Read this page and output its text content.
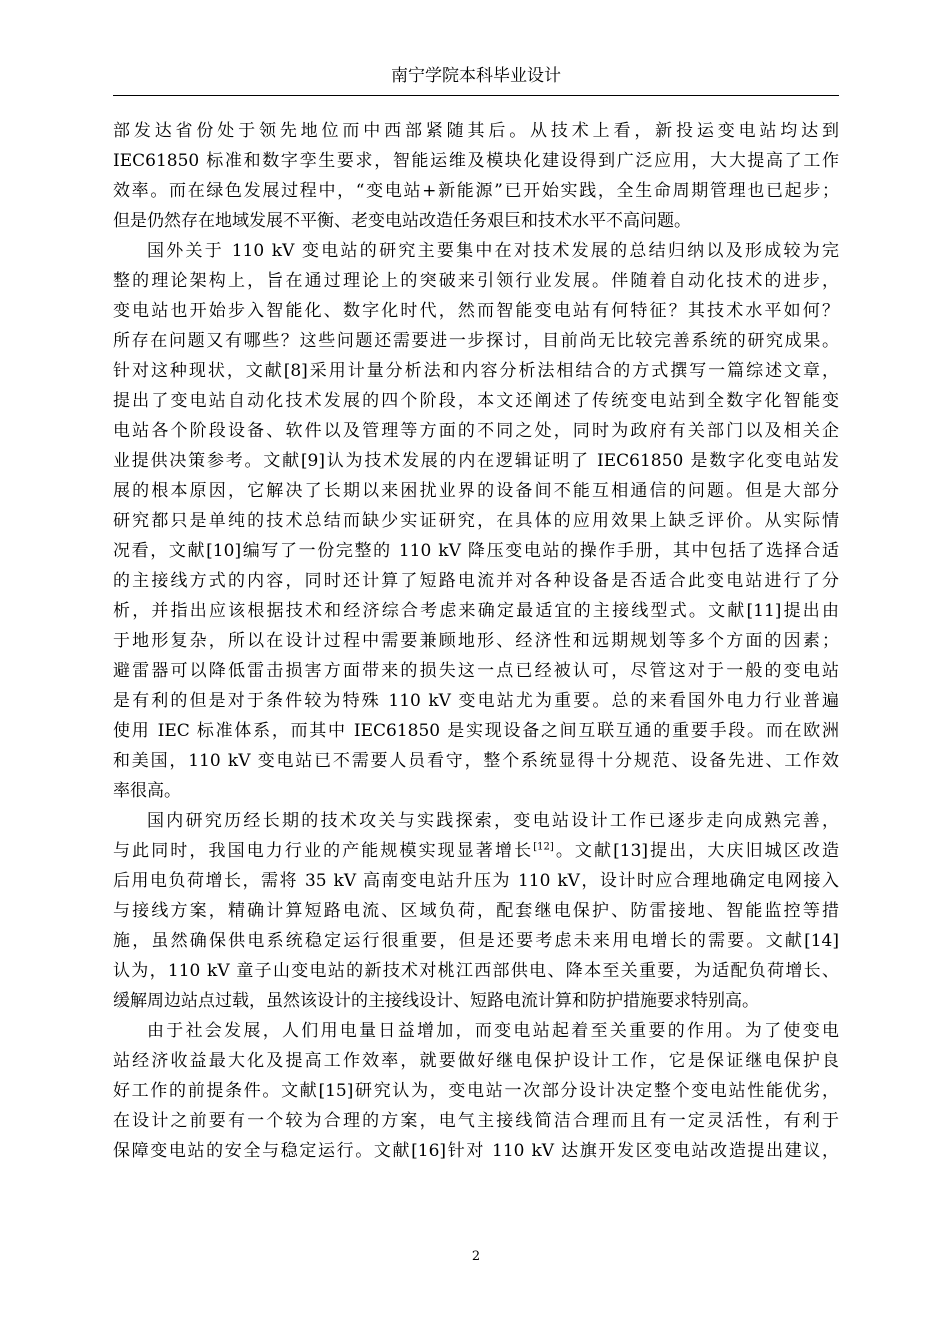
南宁学院本科毕业设计
部发达省份处于领先地位而中西部紧随其后。从技术上看，新投运变电站均达到
IEC61850 标准和数字孪生要求，智能运维及模块化建设得到广泛应用，大大提高了工作
效率。而在绿色发展过程中，“变电站+新能源”已开始实践，全生命周期管理也已起步；
但是仍然存在地域发展不平衡、老变电站改造任务艰巨和技术水平不高问题。
国外关于 110 kV 变电站的研究主要集中在对技术发展的总结归纳以及形成较为完
整的理论架构上，旨在通过理论上的突破来引领行业发展。伴随着自动化技术的进步，
变电站也开始步入智能化、数字化时代，然而智能变电站有何特征？其技术水平如何？
所存在问题又有哪些？这些问题还需要进一步探讨，目前尚无比较完善系统的研究成果。
针对这种现状，文献[8]采用计量分析法和内容分析法相结合的方式撰写一篇综述文章，
提出了变电站自动化技术发展的四个阶段，本文还阐述了传统变电站到全数字化智能变
电站各个阶段设备、软件以及管理等方面的不同之处，同时为政府有关部门以及相关企
业提供决策参考。文献[9]认为技术发展的内在逻辑证明了 IEC61850 是数字化变电站发
展的根本原因，它解决了长期以来困扰业界的设备间不能互相通信的问题。但是大部分
研究都只是单纯的技术总结而缺少实证研究，在具体的应用效果上缺乏评价。从实际情
况看，文献[10]编写了一份完整的 110 kV 降压变电站的操作手册，其中包括了选择合适
的主接线方式的内容，同时还计算了短路电流并对各种设备是否适合此变电站进行了分
析，并指出应该根据技术和经济综合考虑来确定最适宜的主接线型式。文献[11]提出由
于地形复杂，所以在设计过程中需要兼顾地形、经济性和远期规划等多个方面的因素；
避雷器可以降低雷击损害方面带来的损失这一点已经被认可，尽管这对于一般的变电站
是有利的但是对于条件较为特殊 110 kV 变电站尤为重要。总的来看国外电力行业普遍
使用 IEC 标准体系，而其中 IEC61850 是实现设备之间互联互通的重要手段。而在欧洲
和美国，110 kV 变电站已不需要人员看守，整个系统显得十分规范、设备先进、工作效
率很高。
国内研究历经长期的技术攻关与实践探索，变电站设计工作已逐步走向成熟完善，
与此同时，我国电力行业的产能规模实现显著增长[12]。文献[13]提出，大庆旧城区改造
后用电负荷增长，需将 35 kV 高南变电站升压为 110 kV，设计时应合理地确定电网接入
与接线方案，精确计算短路电流、区域负荷，配套继电保护、防雷接地、智能监控等措
施，虽然确保供电系统稳定运行很重要，但是还要考虑未来用电增长的需要。文献[14]
认为，110 kV 童子山变电站的新技术对桃江西部供电、降本至关重要，为适配负荷增长、
缓解周边站点过载，虽然该设计的主接线设计、短路电流计算和防护措施要求特别高。
由于社会发展，人们用电量日益增加，而变电站起着至关重要的作用。为了使变电
站经济收益最大化及提高工作效率，就要做好继电保护设计工作，它是保证继电保护良
好工作的前提条件。文献[15]研究认为，变电站一次部分设计决定整个变电站性能优劣，
在设计之前要有一个较为合理的方案，电气主接线简洁合理而且有一定灵活性，有利于
保障变电站的安全与稳定运行。文献[16]针对 110 kV 达旗开发区变电站改造提出建议，
2
